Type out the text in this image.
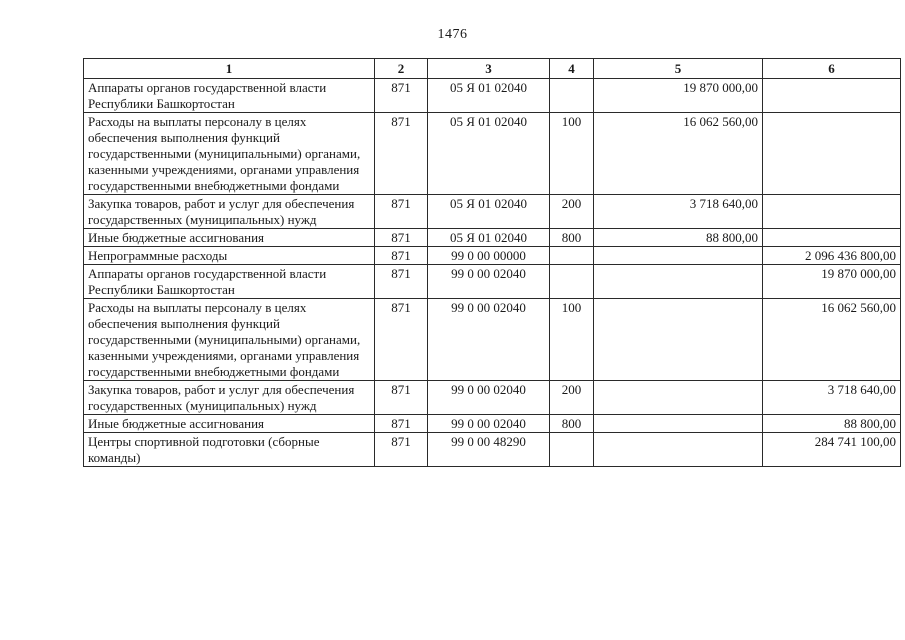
1476
1	2	3	4	5	6
Аппараты органов государственной власти Республики Башкортостан	871	05 Я 01 02040		19 870 000,00	
Расходы на выплаты персоналу в целях обеспечения выполнения функций государственными (муниципальными) органами, казенными учреждениями, органами управления государственными внебюджетными фондами	871	05 Я 01 02040	100	16 062 560,00	
Закупка товаров, работ и услуг для обеспечения государственных (муниципальных) нужд	871	05 Я 01 02040	200	3 718 640,00	
Иные бюджетные ассигнования	871	05 Я 01 02040	800	88 800,00	
Непрограммные расходы	871	99 0 00 00000			2 096 436 800,00
Аппараты органов государственной власти Республики Башкортостан	871	99 0 00 02040			19 870 000,00
Расходы на выплаты персоналу в целях обеспечения выполнения функций государственными (муниципальными) органами, казенными учреждениями, органами управления государственными внебюджетными фондами	871	99 0 00 02040	100		16 062 560,00
Закупка товаров, работ и услуг для обеспечения государственных (муниципальных) нужд	871	99 0 00 02040	200		3 718 640,00
Иные бюджетные ассигнования	871	99 0 00 02040	800		88 800,00
Центры спортивной подготовки (сборные команды)	871	99 0 00 48290			284 741 100,00
